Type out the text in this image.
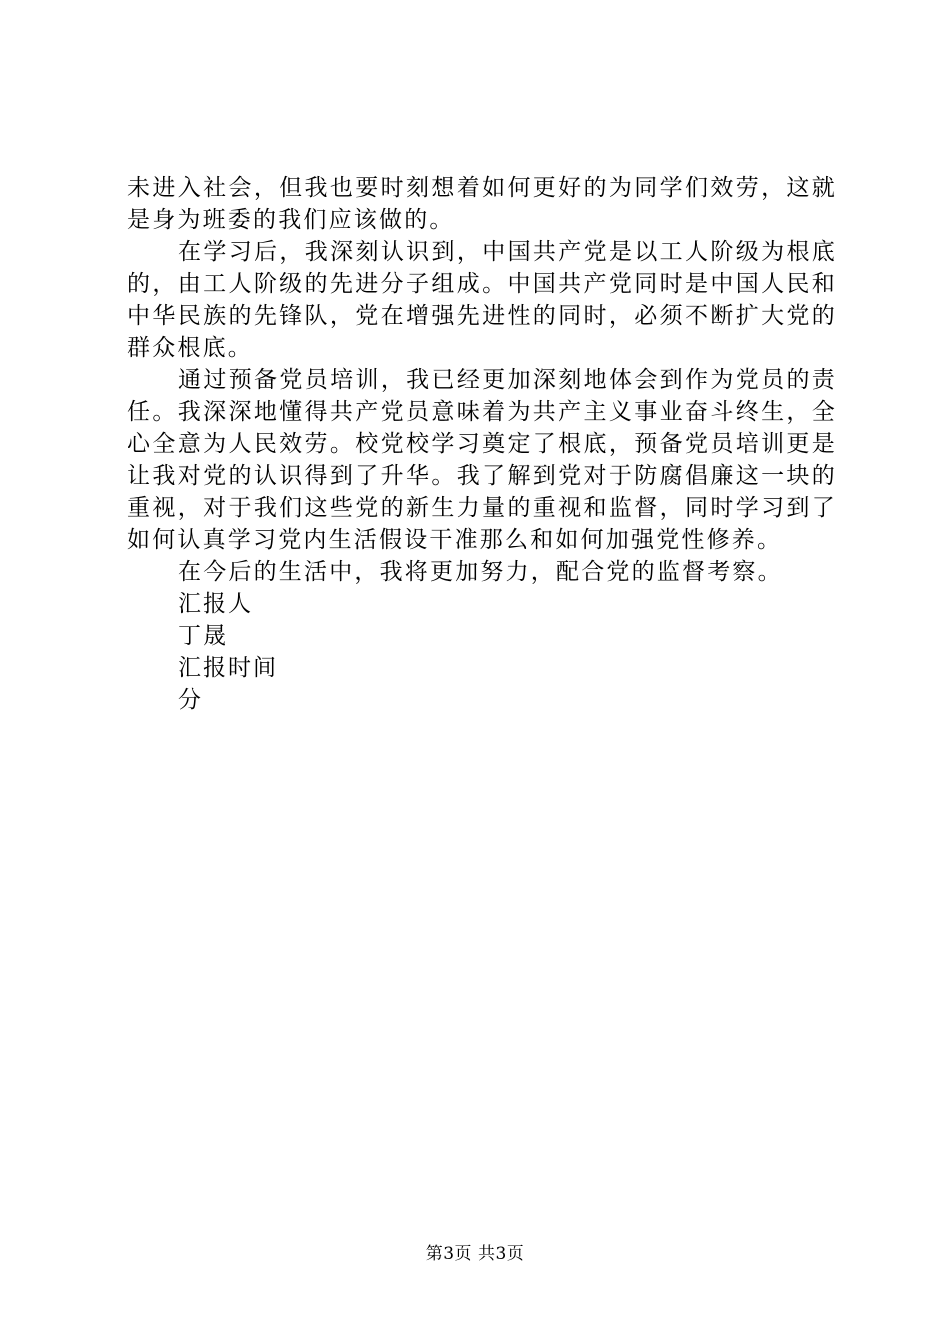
未进入社会，但我也要时刻想着如何更好的为同学们效劳，这就是身为班委的我们应该做的。

在学习后，我深刻认识到，中国共产党是以工人阶级为根底的，由工人阶级的先进分子组成。中国共产党同时是中国人民和中华民族的先锋队，党在增强先进性的同时，必须不断扩大党的群众根底。

通过预备党员培训，我已经更加深刻地体会到作为党员的责任。我深深地懂得共产党员意味着为共产主义事业奋斗终生，全心全意为人民效劳。校党校学习奠定了根底，预备党员培训更是让我对党的认识得到了升华。我了解到党对于防腐倡廉这一块的重视，对于我们这些党的新生力量的重视和监督，同时学习到了如何认真学习党内生活假设干准那么和如何加强党性修养。

在今后的生活中，我将更加努力，配合党的监督考察。

汇报人

丁晟

汇报时间

分

第3页 共3页
